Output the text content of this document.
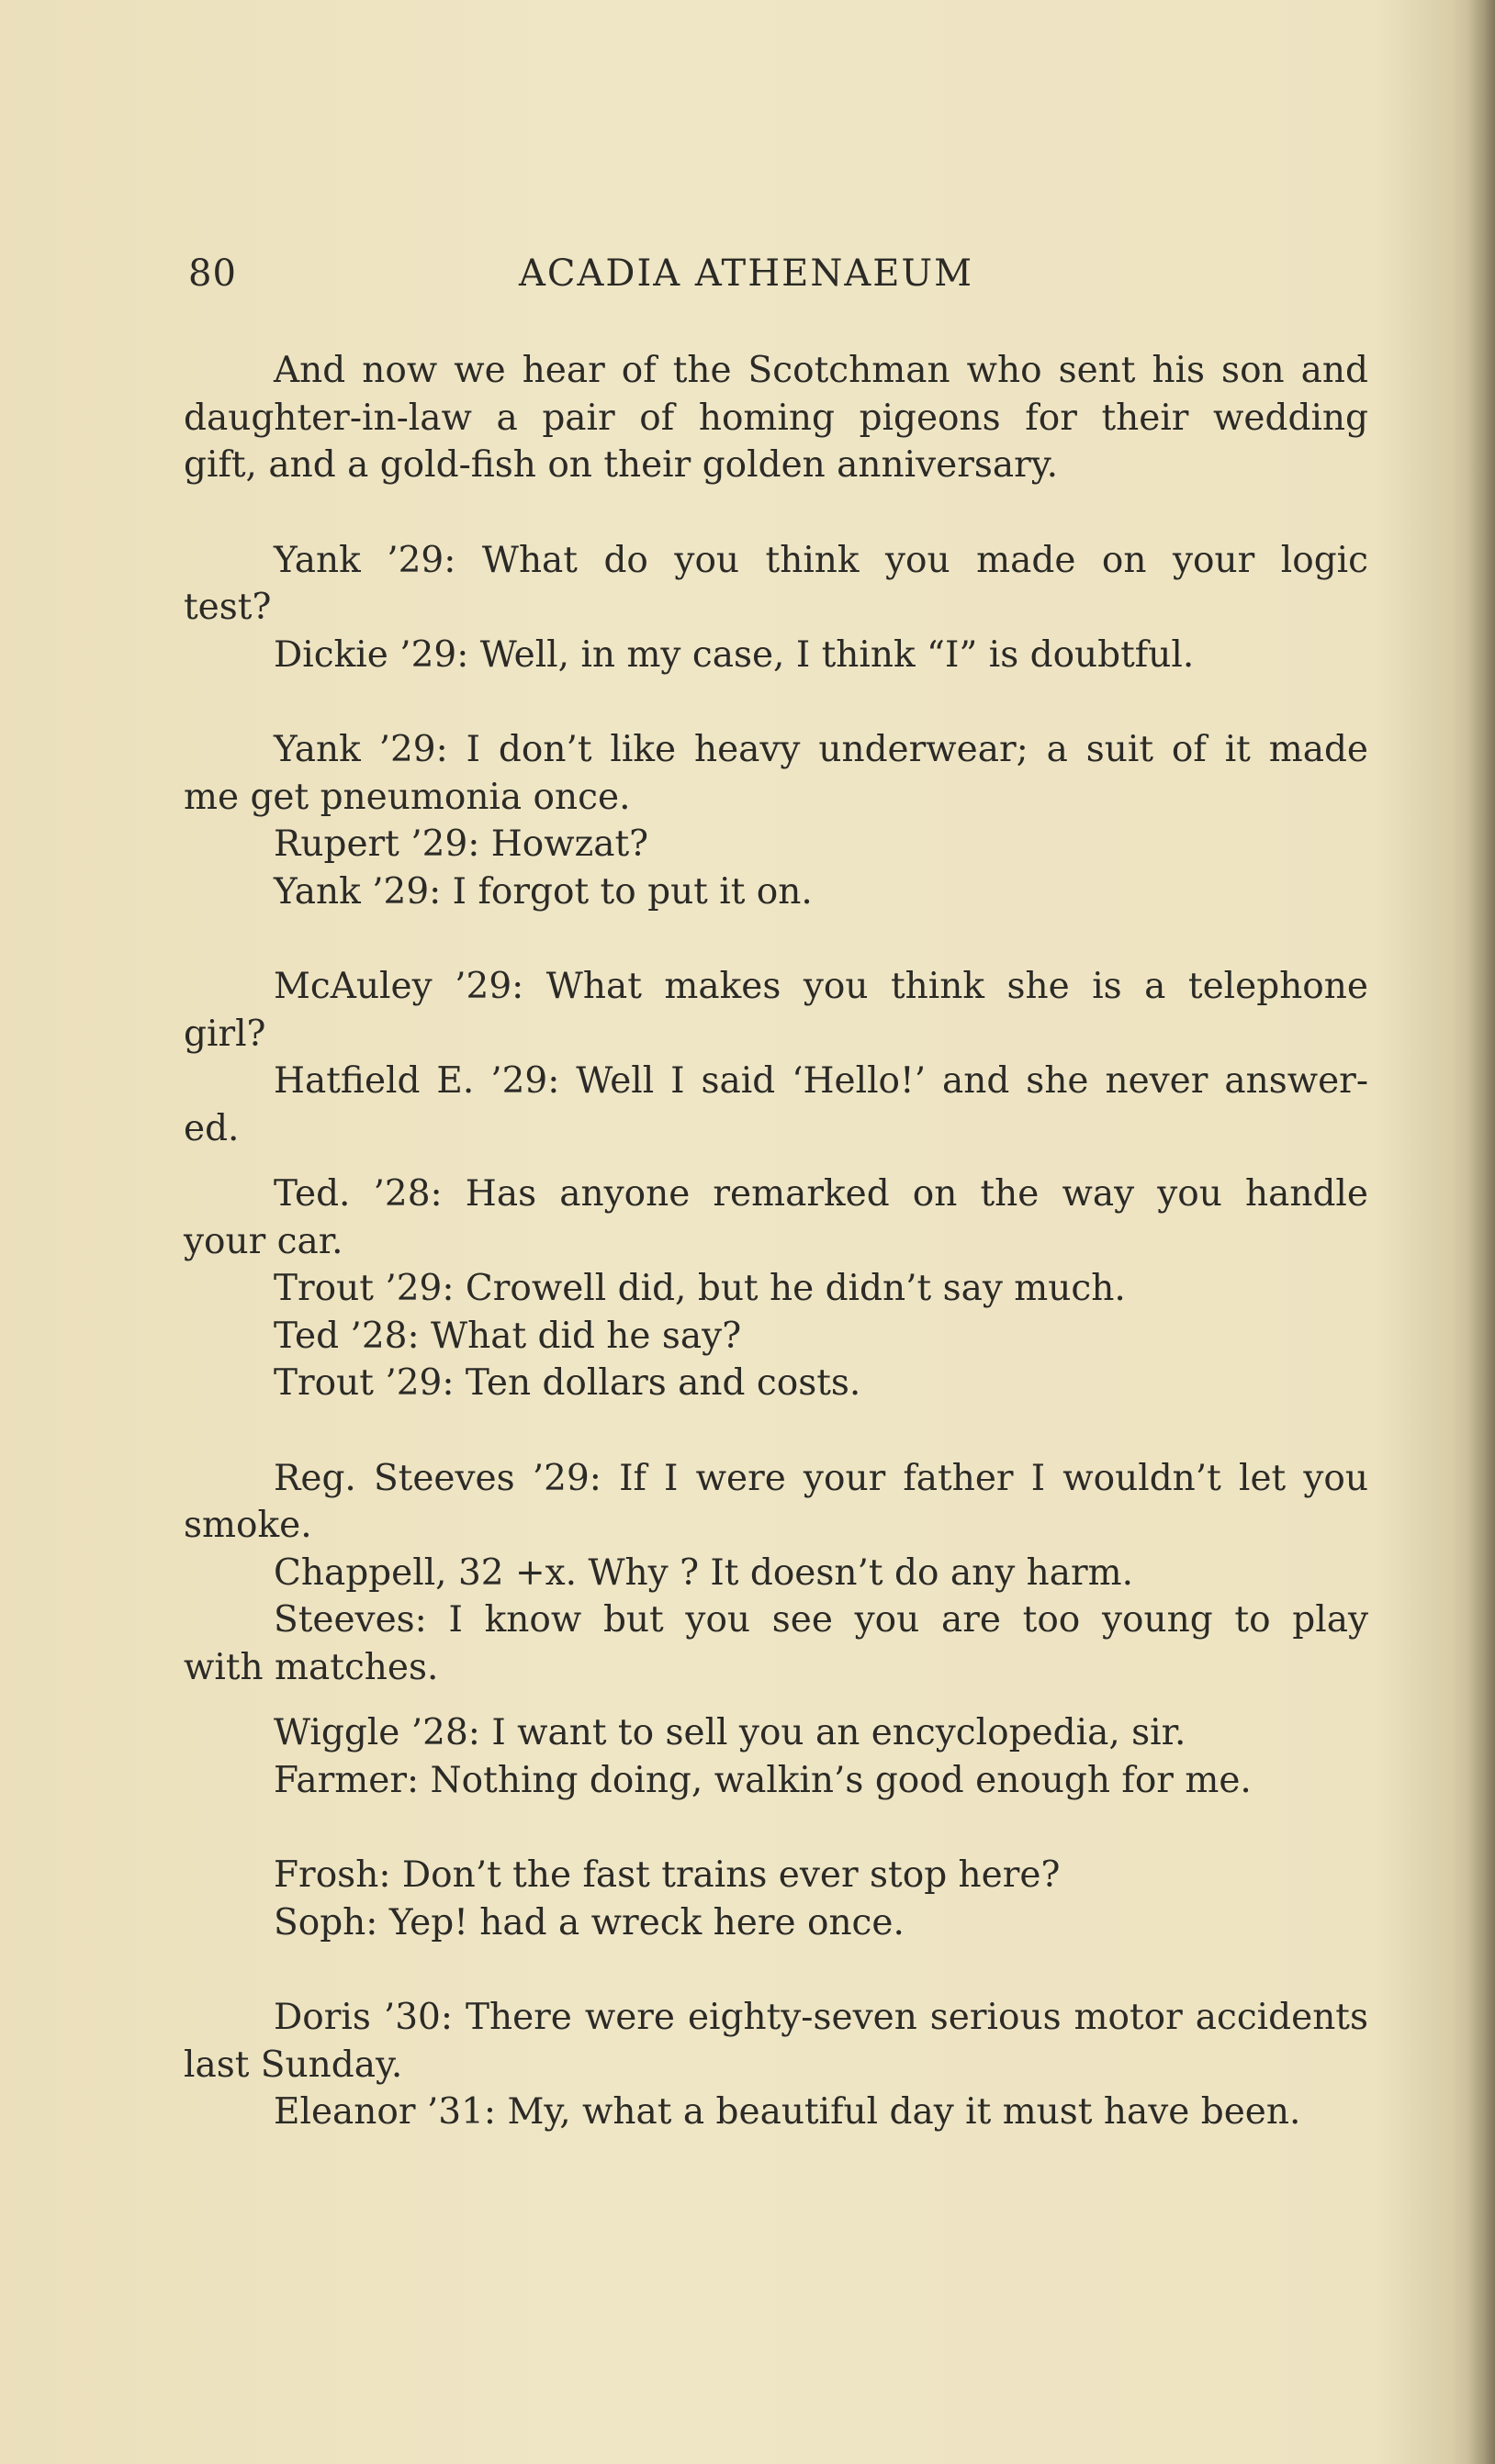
80	ACADIA ATHENAEUM
And now we hear of the Scotchman who sent his son and
daughter-in-law a pair of homing pigeons for their wedding
gift, and a gold-fish on their golden anniversary.
Yank ’29: What do you think you made on your logic
test?
Dickie ’29: Well, in my case, I think “I” is doubtful.
Yank ’29: I don’t like heavy underwear; a suit of it made
me get pneumonia once.
Rupert ’29: Howzat?
Yank ’29: I forgot to put it on.
McAuley ’29: What makes you think she is a telephone
girl?
Hatfield E. ’29: Well I said ‘Hello!’ and she never answer-
ed.
Ted. ’28: Has anyone remarked on the way you handle
your car.
Trout ’29: Crowell did, but he didn’t say much.
Ted ’28: What did he say?
Trout ’29: Ten dollars and costs.
Reg. Steeves ’29: If I were your father I wouldn’t let you
smoke.
Chappell, 32 +x. Why ? It doesn’t do any harm.
Steeves: I know but you see you are too young to play
with matches.
Wiggle ’28: I want to sell you an encyclopedia, sir.
Farmer: Nothing doing, walkin’s good enough for me.
Frosh: Don’t the fast trains ever stop here?
Soph: Yep! had a wreck here once.
Doris ’30: There were eighty-seven serious motor accidents
last Sunday.
Eleanor ’31: My, what a beautiful day it must have been.
